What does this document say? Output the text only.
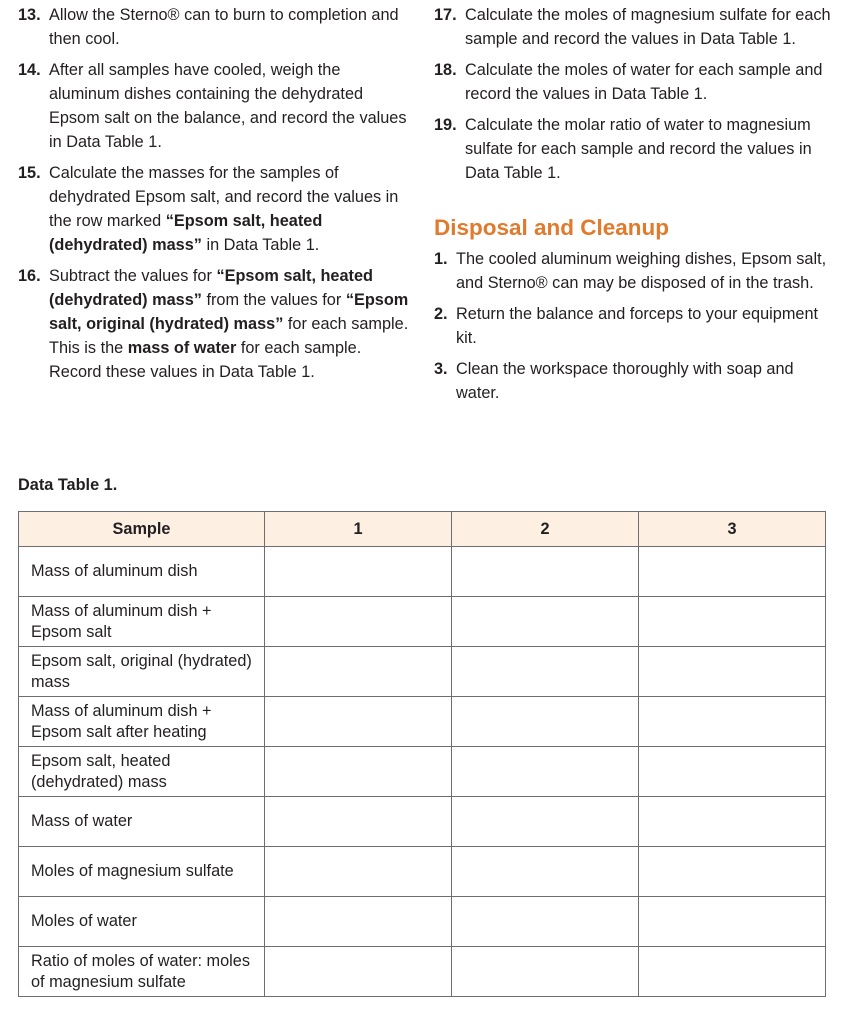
13. Allow the Sterno® can to burn to completion and then cool.
14. After all samples have cooled, weigh the aluminum dishes containing the dehydrated Epsom salt on the balance, and record the values in Data Table 1.
15. Calculate the masses for the samples of dehydrated Epsom salt, and record the values in the row marked “Epsom salt, heated (dehydrated) mass” in Data Table 1.
16. Subtract the values for “Epsom salt, heated (dehydrated) mass” from the values for “Epsom salt, original (hydrated) mass” for each sample. This is the mass of water for each sample. Record these values in Data Table 1.
17. Calculate the moles of magnesium sulfate for each sample and record the values in Data Table 1.
18. Calculate the moles of water for each sample and record the values in Data Table 1.
19. Calculate the molar ratio of water to magnesium sulfate for each sample and record the values in Data Table 1.
Disposal and Cleanup
1. The cooled aluminum weighing dishes, Epsom salt, and Sterno® can may be disposed of in the trash.
2. Return the balance and forceps to your equipment kit.
3. Clean the workspace thoroughly with soap and water.
Data Table 1.
Sample	1	2	3
Mass of aluminum dish			
Mass of aluminum dish + Epsom salt			
Epsom salt, original (hydrated) mass			
Mass of aluminum dish + Epsom salt after heating			
Epsom salt, heated (dehydrated) mass			
Mass of water			
Moles of magnesium sulfate			
Moles of water			
Ratio of moles of water: moles of magnesium sulfate			
